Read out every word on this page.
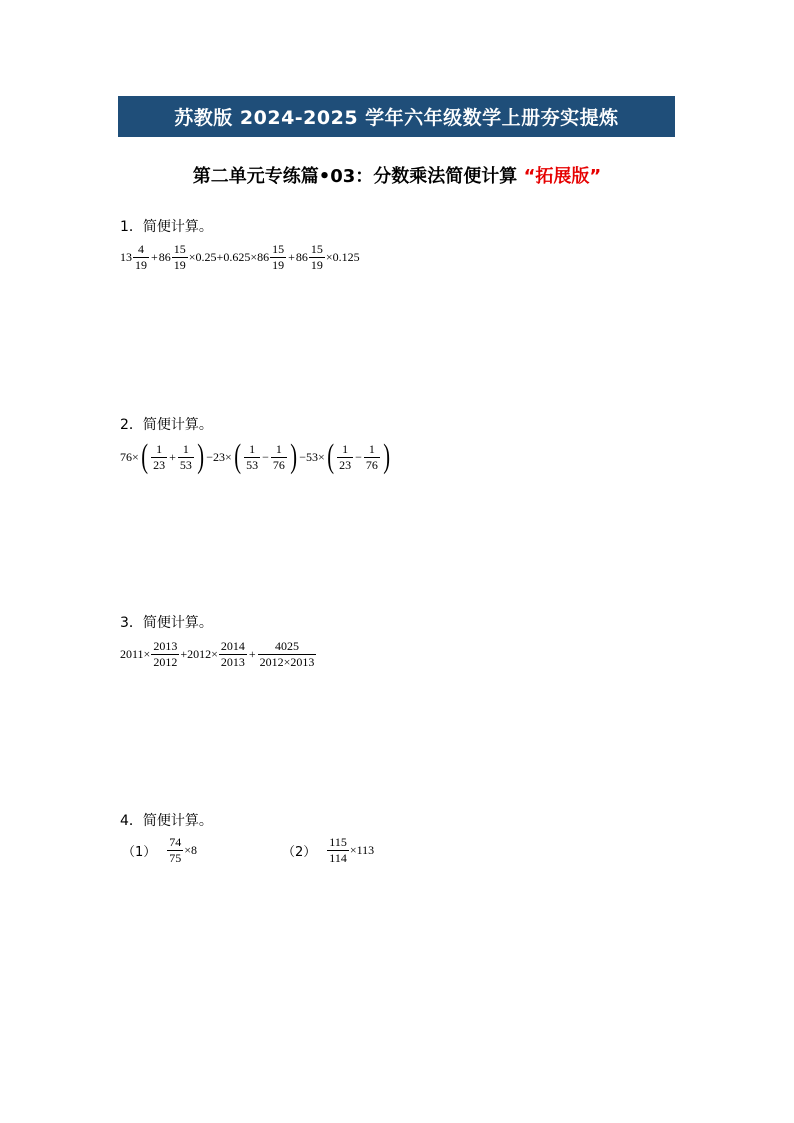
苏教版 2024-2025 学年六年级数学上册夯实提炼
第二单元专练篇•03：分数乘法简便计算 “拓展版”
1．简便计算。
$13 \frac{4}{19} + 86 \frac{15}{19} \times 0.25+0.625\times 86 \frac{15}{19} + 86 \frac{15}{19} \times 0.125$
2．简便计算。
76× ( $\frac{1}{23} + \frac{1}{53}$ ) −23× ( $\frac{1}{53} - \frac{1}{76}$ ) −53× ( $\frac{1}{23} - \frac{1}{76}$ )
3．简便计算。
$2011\times \frac{2013}{2012} +2012\times \frac{2014}{2013} + \frac{4025}{2012\times 2013}$
4．简便计算。
$(1) \frac{74}{75} \times 8$	$(2) \frac{115}{114} \times 113$
